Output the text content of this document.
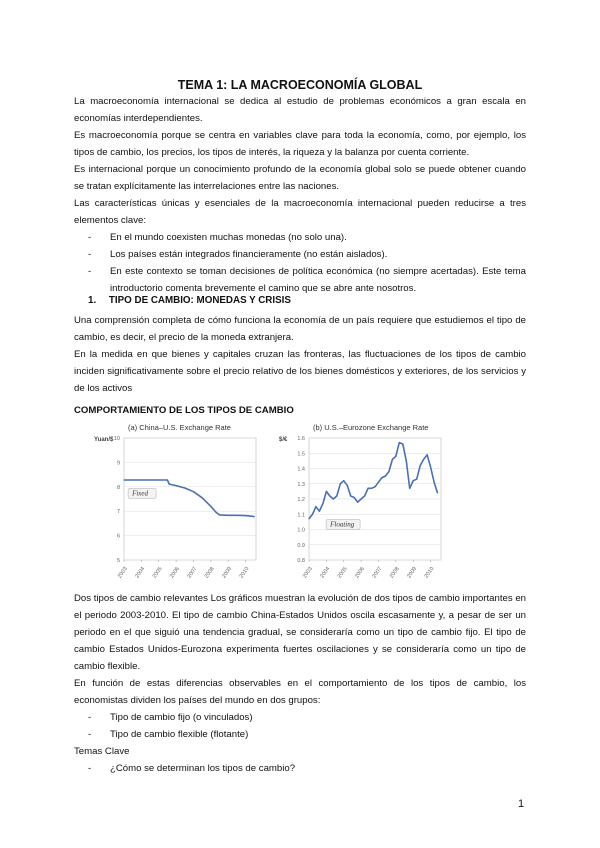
TEMA 1: LA MACROECONOMÍA GLOBAL
La macroeconomía internacional se dedica al estudio de problemas económicos a gran escala en economías interdependientes.
Es macroeconomía porque se centra en variables clave para toda la economía, como, por ejemplo, los tipos de cambio, los precios, los tipos de interés, la riqueza y la balanza por cuenta corriente.
Es internacional porque un conocimiento profundo de la economía global solo se puede obtener cuando se tratan explícitamente las interrelaciones entre las naciones.
Las características únicas y esenciales de la macroeconomía internacional pueden reducirse a tres elementos clave:
- En el mundo coexisten muchas monedas (no solo una).
- Los países están integrados financieramente (no están aislados).
- En este contexto se toman decisiones de política económica (no siempre acertadas). Este tema introductorio comenta brevemente el camino que se abre ante nosotros.
1. TIPO DE CAMBIO: MONEDAS Y CRISIS
Una comprensión completa de cómo funciona la economía de un país requiere que estudiemos el tipo de cambio, es decir, el precio de la moneda extranjera.
En la medida en que bienes y capitales cruzan las fronteras, las fluctuaciones de los tipos de cambio inciden significativamente sobre el precio relativo de los bienes domésticos y exteriores, de los servicios y de los activos
COMPORTAMIENTO DE LOS TIPOS DE CAMBIO
(a) China–U.S. Exchange Rate
Yuan/$ 10
9
8
7
6
5
2003 2004 2005 2006 2007 2008 2009 2010
Fixed
(b) U.S.–Eurozone Exchange Rate
$/€ 1.6
1.5
1.4
1.3
1.2
1.1
1.0
0.9
0.8
2003 2004 2005 2006 2007 2008 2009 2010
Floating
Dos tipos de cambio relevantes Los gráficos muestran la evolución de dos tipos de cambio importantes en el periodo 2003-2010. El tipo de cambio China-Estados Unidos oscila escasamente y, a pesar de ser un periodo en el que siguió una tendencia gradual, se consideraría como un tipo de cambio fijo. El tipo de cambio Estados Unidos-Eurozona experimenta fuertes oscilaciones y se consideraría como un tipo de cambio flexible.
En función de estas diferencias observables en el comportamiento de los tipos de cambio, los economistas dividen los países del mundo en dos grupos:
- Tipo de cambio fijo (o vinculados)
- Tipo de cambio flexible (flotante)
Temas Clave
- ¿Cómo se determinan los tipos de cambio?
1
